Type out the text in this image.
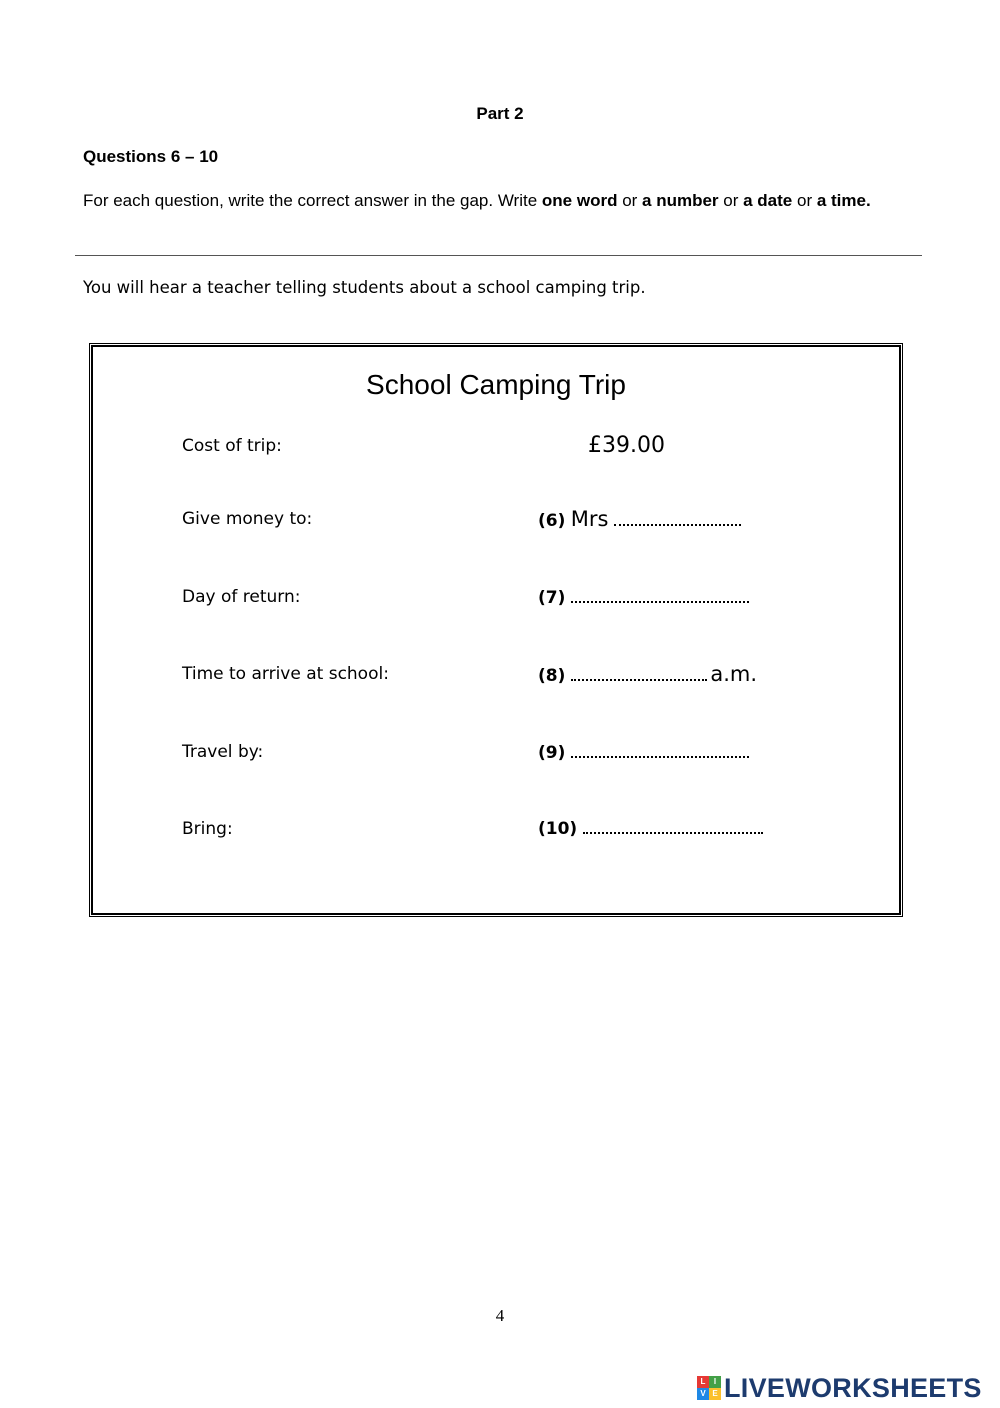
Part 2
Questions 6 – 10
For each question, write the correct answer in the gap. Write one word or a number or a date or a time.
You will hear a teacher telling students about a school camping trip.
School Camping Trip
Cost of trip:	£39.00
Give money to:	(6) Mrs
Day of return:	(7)
Time to arrive at school:	(8)	a.m.
Travel by:	(9)
Bring:	(10)
4
L	I
V E LIVEWORKSHEETS
